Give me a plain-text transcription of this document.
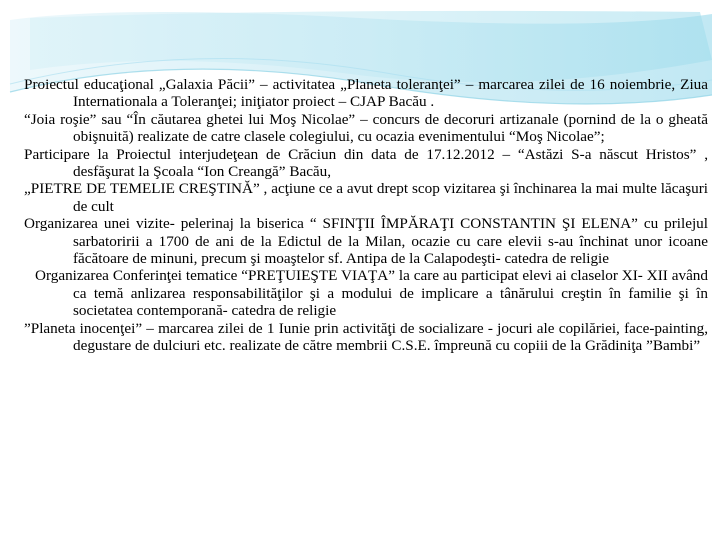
Proiectul educaţional „Galaxia Păcii” – activitatea „Planeta toleranţei” – marcarea zilei de 16 noiembrie, Ziua Internationala a Toleranţei; iniţiator proiect – CJAP Bacău .

“Joia roşie” sau “În căutarea ghetei lui Moş Nicolae” – concurs de decoruri artizanale (pornind de la o gheată obişnuită) realizate de catre clasele colegiului, cu ocazia evenimentului “Moş Nicolae”;

Participare la Proiectul interjudeţean de Crăciun din data de 17.12.2012 – “Astăzi S-a născut Hristos” , desfăşurat la Şcoala “Ion Creangă” Bacău,

„PIETRE DE TEMELIE CREŞTINĂ” , acţiune ce a avut drept scop vizitarea şi închinarea la mai multe lăcaşuri de cult

Organizarea unei vizite- pelerinaj la biserica “ SFINŢII ÎMPĂRAŢI CONSTANTIN ŞI ELENA” cu prilejul sarbatoririi a 1700 de ani de la Edictul de la Milan, ocazie cu care elevii s-au închinat unor icoane făcătoare de minuni, precum şi moaştelor sf. Antipa de la Calapodeşti- catedra de religie

Organizarea Conferinţei tematice “PREŢUIEŞTE VIAŢA” la care au participat elevi ai claselor XI- XII având ca temă anlizarea responsabilităţilor şi a modului de implicare a tânărului creştin în familie şi în societatea contemporană- catedra de religie

”Planeta inocenţei” – marcarea zilei de 1 Iunie prin activităţi de socializare - jocuri ale copilăriei, face-painting, degustare de dulciuri etc. realizate de către membrii C.S.E. împreună cu copiii de la Grădiniţa ”Bambi”
